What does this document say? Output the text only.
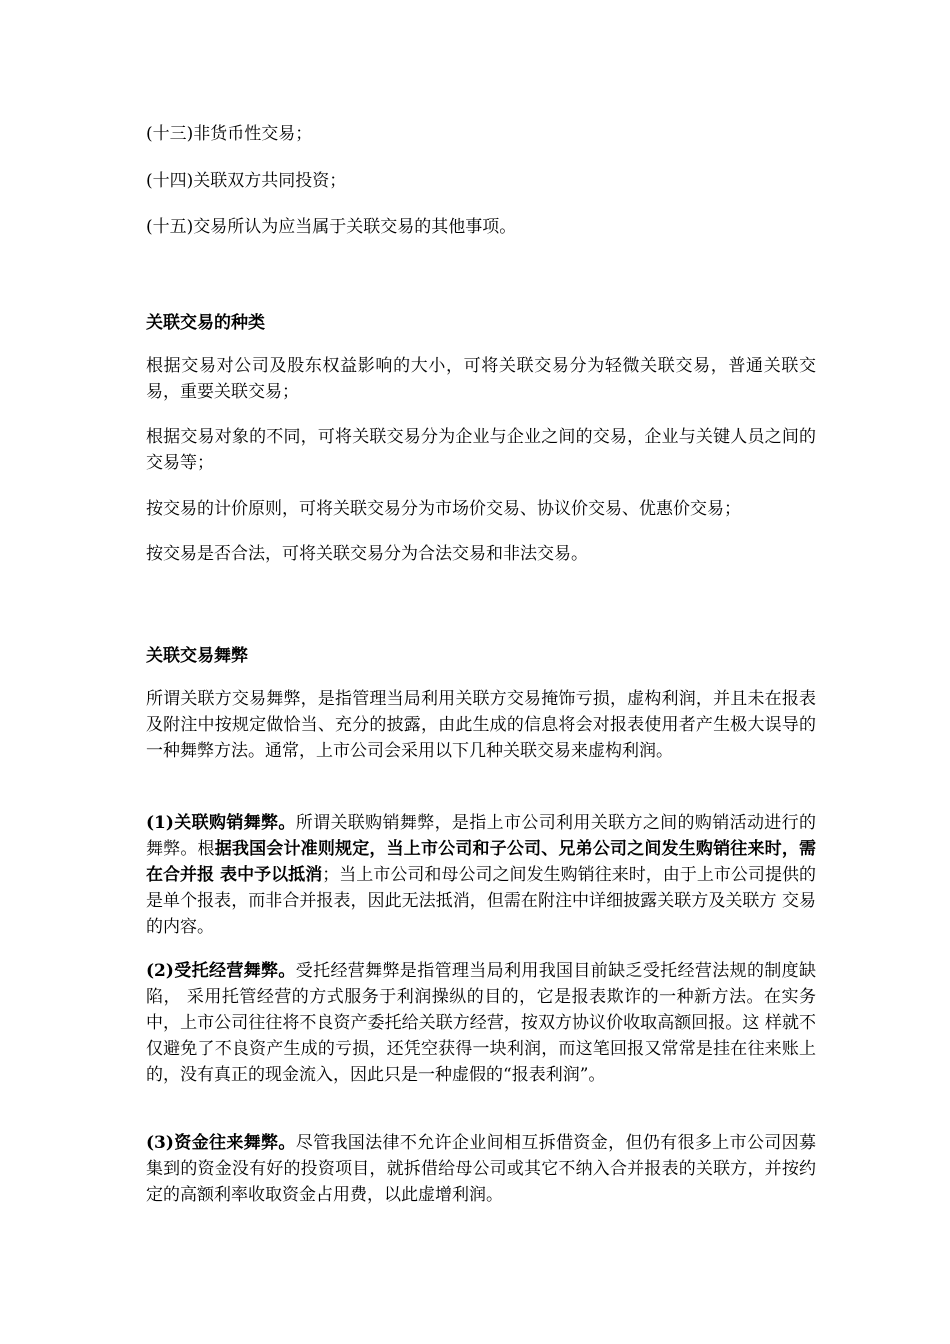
(十三)非货币性交易；

(十四)关联双方共同投资；

(十五)交易所认为应当属于关联交易的其他事项。

关联交易的种类

根据交易对公司及股东权益影响的大小，可将关联交易分为轻微关联交易，普通关联交易，重要关联交易；

根据交易对象的不同，可将关联交易分为企业与企业之间的交易，企业与关键人员之间的交易等；

按交易的计价原则，可将关联交易分为市场价交易、协议价交易、优惠价交易；

按交易是否合法，可将关联交易分为合法交易和非法交易。

关联交易舞弊

所谓关联方交易舞弊，是指管理当局利用关联方交易掩饰亏损，虚构利润，并且未在报表及附注中按规定做恰当、充分的披露，由此生成的信息将会对报表使用者产生极大误导的一种舞弊方法。通常，上市公司会采用以下几种关联交易来虚构利润。

(1)关联购销舞弊。所谓关联购销舞弊，是指上市公司利用关联方之间的购销活动进行的舞弊。根据我国会计准则规定，当上市公司和子公司、兄弟公司之间发生购销往来时，需在合并报 表中予以抵消；当上市公司和母公司之间发生购销往来时，由于上市公司提供的是单个报表，而非合并报表，因此无法抵消，但需在附注中详细披露关联方及关联方 交易的内容。

(2)受托经营舞弊。受托经营舞弊是指管理当局利用我国目前缺乏受托经营法规的制度缺陷， 采用托管经营的方式服务于利润操纵的目的，它是报表欺诈的一种新方法。在实务中，上市公司往往将不良资产委托给关联方经营，按双方协议价收取高额回报。这 样就不仅避免了不良资产生成的亏损，还凭空获得一块利润，而这笔回报又常常是挂在往来账上的，没有真正的现金流入，因此只是一种虚假的“报表利润”。

(3)资金往来舞弊。尽管我国法律不允许企业间相互拆借资金，但仍有很多上市公司因募集到的资金没有好的投资项目，就拆借给母公司或其它不纳入合并报表的关联方，并按约定的高额利率收取资金占用费，以此虚增利润。
